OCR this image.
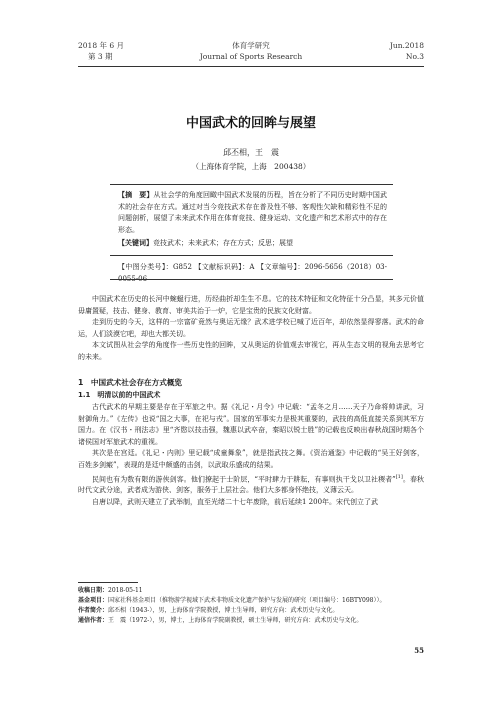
2018 年 6 月
第 3 期
体育学研究
Journal of Sports Research
Jun.2018
No.3
中国武术的回眸与展望
邱丕相，王　震
（上海体育学院，上海　200438）
【摘　要】从社会学的角度回瞰中国武术发展的历程，旨在分析了不同历史时期中国武术的社会存在方式。通过对当今竞技武术存在普及性不够、客观性欠缺和精彩性不足的问题剖析，展望了未来武术作用在体育竞技、健身运动、文化遗产和艺术形式中的存在形态。
【关键词】竞技武术；未来武术；存在方式；反思；展望
【中图分类号】：G852 【文献标识码】：A 【文章编号】：2096-5656（2018）03-0055-06

中国武术在历史的长河中蜿蜒行进，历经曲折却生生不息。它的技术特征和文化特征十分凸显，其多元价值毋庸置疑，技击、健身、教育、审美共治于一炉，它是宝贵的民族文化财富。

走到历史的今天，这样的一宗富矿竟然与奥运无缘？武术进学校已喊了近百年，却依然显得寥落。武术的命运，人们淡漠它吧，却也大都关切。

本文试图从社会学的角度作一些历史性的回眸，又从奥运的价值观去审视它，再从生态文明的视角去思考它的未来。

1　中国武术社会存在方式概览
1.1　明清以前的中国武术

古代武术的早期主要是存在于军旅之中。据《礼记・月令》中记载：“孟冬之月……天子乃命将帅讲武，习射御角力。”《左传》也说“国之大事，在祀与戎”。国家的军事实力是极其重要的，武技的高低直接关系到其军方国力。在《汉书・刑法志》里“齐愍以技击强，魏惠以武卒奋，秦昭以锐士胜”的记载也反映出春秋战国时期各个诸侯国对军旅武术的重视。

其次是在宫廷。《礼记・内则》里记载“成童舞象”，就是指武技之舞。《资治通鉴》中记载的“吴王好剑客，百姓多剑瘢”，表现的是廷中颇盛的击剑，以武取乐盛成的结果。

民间也有为数有限的游侠剑客。他们撩起于士阶层，“平时肆力于耕耘，有事则执干戈以卫社稷者”[1]。春秋时代文武分途，武者成为游侠、剑客，服务于上层社会。他们大多都身怀绝技，义薄云天。

自唐以降，武则天建立了武举制，直至光绪二十七年废除，前后延续1 200年。宋代创立了武

收稿日期：2018-05-11
基金项目：国家社科基金项目（推物游学视域下武术非物质文化遗产保护与发展的研究（项目编号：16BTY098））。
作者简介：邱丕相（1943-），男，上海体育学院教授，博士生导师，研究方向：武术历史与文化。
通信作者：王　震（1972-），男，博士，上海体育学院副教授，硕士生导师，研究方向：武术历史与文化。
55
